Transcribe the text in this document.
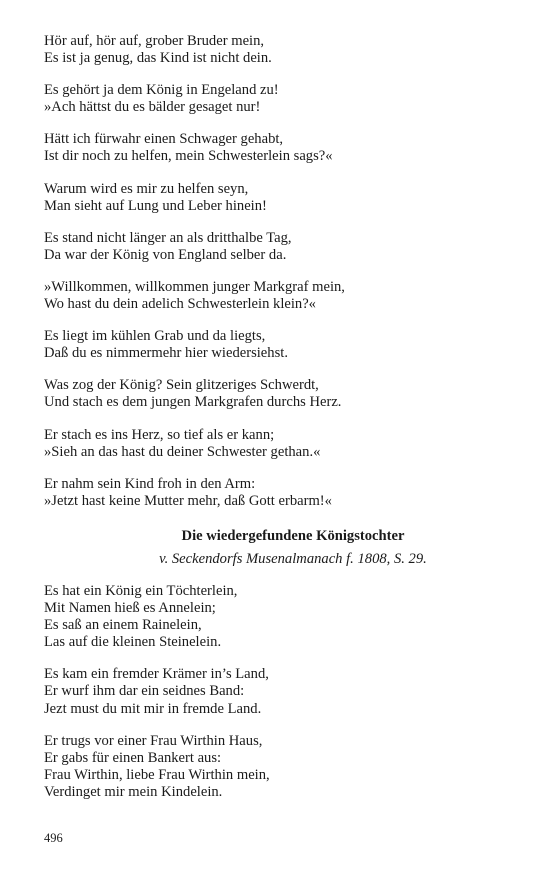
Hör auf, hör auf, grober Bruder mein,
Es ist ja genug, das Kind ist nicht dein.
Es gehört ja dem König in Engeland zu!
»Ach hättst du es bälder gesaget nur!
Hätt ich fürwahr einen Schwager gehabt,
Ist dir noch zu helfen, mein Schwesterlein sags?«
Warum wird es mir zu helfen seyn,
Man sieht auf Lung und Leber hinein!
Es stand nicht länger an als dritthalbe Tag,
Da war der König von England selber da.
»Willkommen, willkommen junger Markgraf mein,
Wo hast du dein adelich Schwesterlein klein?«
Es liegt im kühlen Grab und da liegts,
Daß du es nimmermehr hier wiedersiehst.
Was zog der König? Sein glitzeriges Schwerdt,
Und stach es dem jungen Markgrafen durchs Herz.
Er stach es ins Herz, so tief als er kann;
»Sieh an das hast du deiner Schwester gethan.«
Er nahm sein Kind froh in den Arm:
»Jetzt hast keine Mutter mehr, daß Gott erbarm!«
Die wiedergefundene Königstochter
v. Seckendorfs Musenalmanach f. 1808, S. 29.
Es hat ein König ein Töchterlein,
Mit Namen hieß es Annelein;
Es saß an einem Rainelein,
Las auf die kleinen Steinelein.
Es kam ein fremder Krämer in’s Land,
Er wurf ihm dar ein seidnes Band:
Jezt must du mit mir in fremde Land.
Er trugs vor einer Frau Wirthin Haus,
Er gabs für einen Bankert aus:
Frau Wirthin, liebe Frau Wirthin mein,
Verdinget mir mein Kindelein.
496
